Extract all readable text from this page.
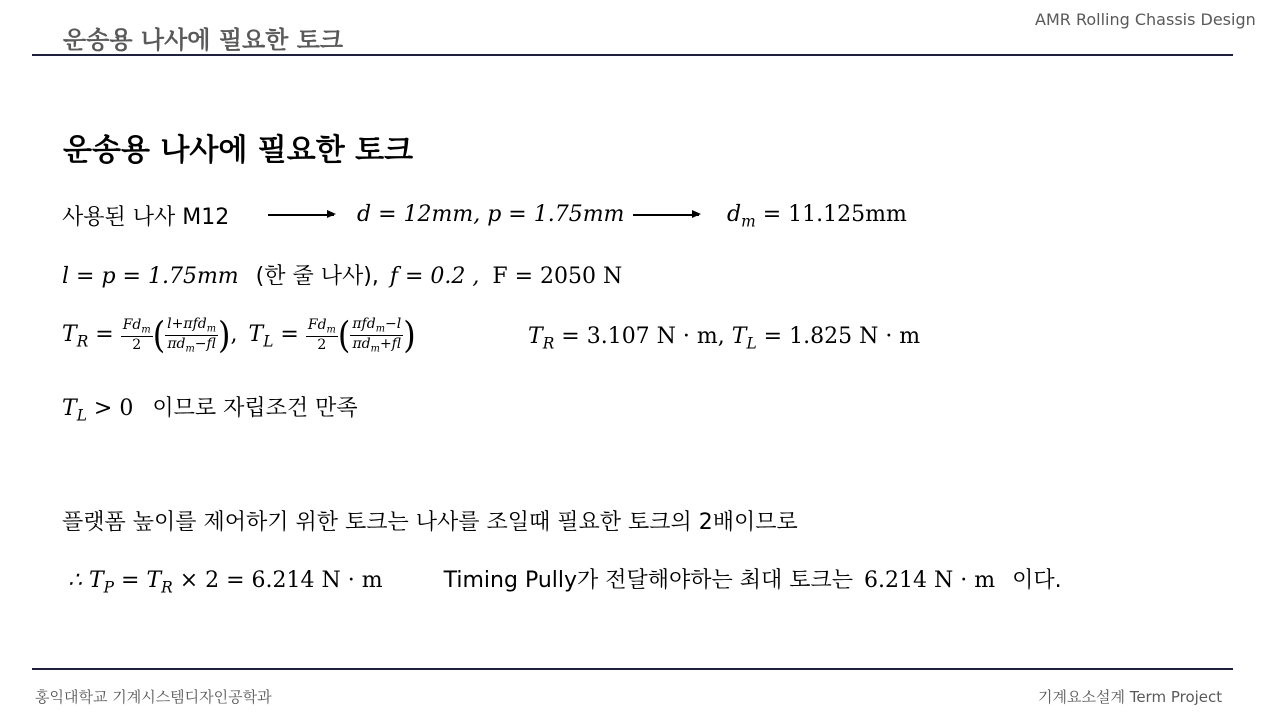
운송용 나사에 필요한 토크
AMR Rolling Chassis Design
운송용 나사에 필요한 토크
사용된 나사 M12	d = 12mm, p = 1.75mm	$d_m = 11.125mm$
l = p = 1.75mm (한 줄 나사), f = 0.2 , F = 2050 N
$T_R = \frac{Fd_m}{2}$ ( $\frac{l+\pi fd_m}{\pi d_m-fl}$ ), $T_L = \frac{Fd_m}{2}$ ( $\frac{\pi fd_m-l}{\pi d_m+fl}$ )	$T_R = 3.107$ N · m, $T_L = 1.825$ N · m
$T_L > 0$ 이므로 자립조건 만족
플랫폼 높이를 제어하기 위한 토크는 나사를 조일때 필요한 토크의 2배이므로
∴ $T_P = T_R \times 2 = 6.214$ N · m	Timing Pully가 전달해야하는 최대 토크는 6.214 N · m 이다.
홍익대학교 기계시스템디자인공학과	기계요소설계 Term Project
